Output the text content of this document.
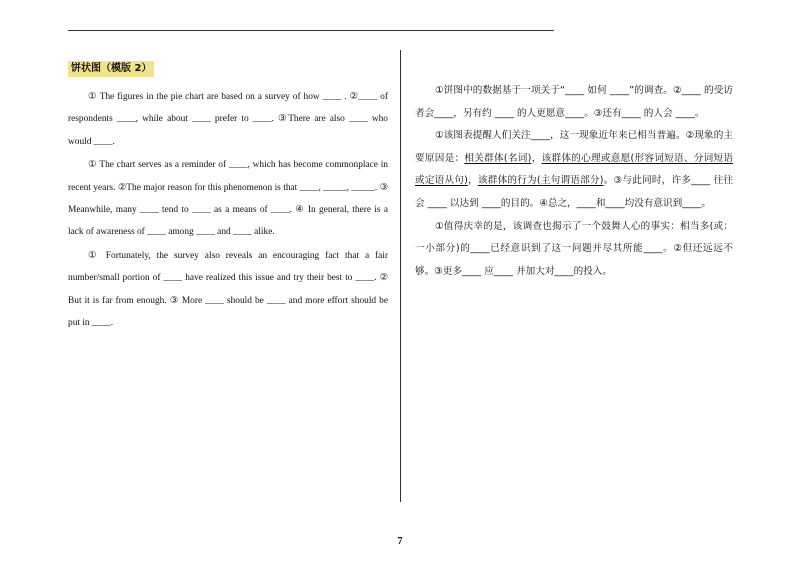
饼状图（模版 2）

① The figures in the pie chart are based on a survey of how ____ . ②____ of respondents ____, while about ____ prefer to ____. ③There are also ____ who would ____.

① The chart serves as a reminder of ____, which has become commonplace in recent years. ②The major reason for this phenomenon is that ____, _____, _____. ③ Meanwhile, many ____ tend to ____ as a means of ____. ④ In general, there is a lack of awareness of ____ among ____ and ____ alike.

① Fortunately, the survey also reveals an encouraging fact that a fair number/small portion of ____ have realized this issue and try their best to ____. ② But it is far from enough. ③ More ____ should be ____ and more effort should be put in ____.

①饼图中的数据基于一项关于“____ 如何 ____”的调查。②____ 的受访者会____，另有约 ____ 的人更愿意____。③还有____ 的人会 ____。

①该图表提醒人们关注____，这一现象近年来已相当普遍。②现象的主要原因是：相关群体(名词)，该群体的心理或意愿(形容词短语、分词短语或定语从句)，该群体的行为(主句谓语部分)。③与此同时，许多____ 往往会 ____ 以达到 ____的目的。④总之，____和____均没有意识到____。

①值得庆幸的是，该调查也揭示了一个鼓舞人心的事实：相当多(或：一小部分)的____已经意识到了这一问题并尽其所能____。②但还远远不够。③更多____ 应____ 并加大对____的投入。

7
